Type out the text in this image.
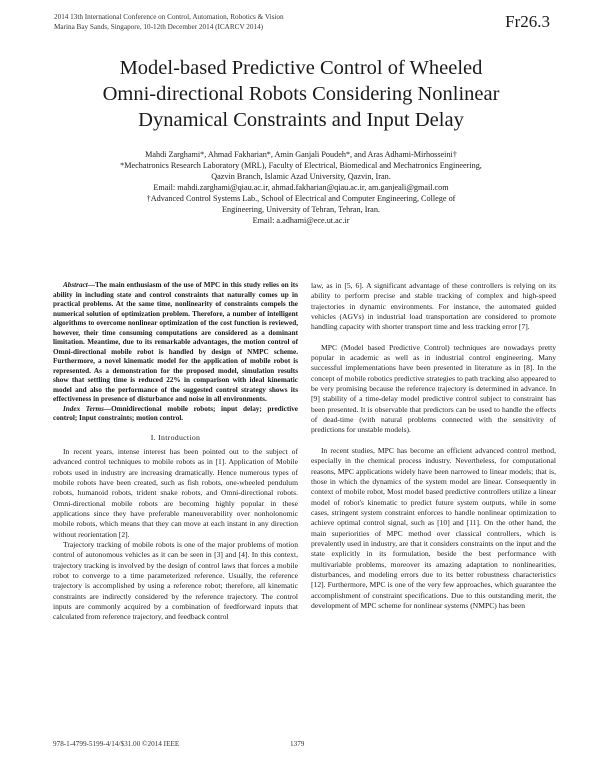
2014 13th International Conference on Control, Automation, Robotics & Vision
Marina Bay Sands, Singapore, 10-12th December 2014 (ICARCV 2014)	Fr26.3
Model-based Predictive Control of Wheeled
Omni-directional Robots Considering Nonlinear
Dynamical Constraints and Input Delay
Mahdi Zarghami*, Ahmad Fakharian*, Amin Ganjali Poudeh*, and Aras Adhami-Mirhosseini†
*Mechatronics Research Laboratory (MRL), Faculty of Electrical, Biomedical and Mechatronics Engineering,
Qazvin Branch, Islamic Azad University, Qazvin, Iran.
Email: mahdi.zarghami@qiau.ac.ir, ahmad.fakharian@qiau.ac.ir, am.ganjeali@gmail.com
†Advanced Control Systems Lab., School of Electrical and Computer Engineering, College of
Engineering, University of Tehran, Tehran, Iran.
Email: a.adhami@ece.ut.ac.ir

Abstract—The main enthusiasm of the use of MPC in this study relies on its ability in including state and control constraints that naturally comes up in practical problems. At the same time, nonlinearity of constraints compels the numerical solution of optimization problem. Therefore, a number of intelligent algorithms to overcome nonlinear optimization of the cost function is reviewed, however, their time consuming computations are considered as a dominant limitation. Meantime, due to its remarkable advantages, the motion control of Omni-directional mobile robot is handled by design of NMPC scheme. Furthermore, a novel kinematic model for the application of mobile robot is represented. As a demonstration for the proposed model, simulation results show that settling time is reduced 22% in comparison with ideal kinematic model and also the performance of the suggested control strategy shows its effectiveness in presence of disturbance and noise in all environments.

Index Terms—Omnidirectional mobile robots; input delay; predictive control; Input constraints; motion control.

I. Introduction

In recent years, intense interest has been pointed out to the subject of advanced control techniques to mobile robots as in [1]. Application of Mobile robots used in industry are increasing dramatically. Hence numerous types of mobile robots have been created, such as fish robots, one-wheeled pendulum robots, humanoid robots, trident snake robots, and Omni-directional robots. Omni-directional mobile robots are becoming highly popular in these applications since they have preferable maneuverability over nonholonomic mobile robots, which means that they can move at each instant in any direction without reorientation [2].

Trajectory tracking of mobile robots is one of the major problems of motion control of autonomous vehicles as it can be seen in [3] and [4]. In this context, trajectory tracking is involved by the design of control laws that forces a mobile robot to converge to a time parameterized reference. Usually, the reference trajectory is accomplished by using a reference robot; therefore, all kinematic constraints are indirectly considered by the reference trajectory. The control inputs are commonly acquired by a combination of feedforward inputs that calculated from reference trajectory, and feedback control

law, as in [5, 6]. A significant advantage of these controllers is relying on its ability to perform precise and stable tracking of complex and high-speed trajectories in dynamic environments. For instance, the automated guided vehicles (AGVs) in industrial load transportation are considered to promote handling capacity with shorter transport time and less tracking error [7].

MPC (Model based Predictive Control) techniques are nowadays pretty popular in academic as well as in industrial control engineering. Many successful implementations have been presented in literature as in [8]. In the concept of mobile robotics predictive strategies to path tracking also appeared to be very promising because the reference trajectory is determined in advance. In [9] stability of a time-delay model predictive control subject to constraint has been presented. It is observable that predictors can be used to handle the effects of dead-time (with natural problems connected with the sensitivity of predictions for unstable models).

In recent studies, MPC has become an efficient advanced control method, especially in the chemical process industry. Nevertheless, for computational reasons, MPC applications widely have been narrowed to linear models; that is, those in which the dynamics of the system model are linear. Consequently in context of mobile robot, Most model based predictive controllers utilize a linear model of robot's kinematic to predict future system outputs, while in some cases, stringent system constraint enforces to handle nonlinear optimization to achieve optimal control signal, such as [10] and [11]. On the other hand, the main superiorities of MPC method over classical controllers, which is prevalently used in industry, are that it considers constraints on the input and the state explicitly in its formulation, beside the best performance with multivariable problems, moreover its amazing adaptation to nonlinearities, disturbances, and modeling errors due to its better robustness characteristics [12]. Furthermore, MPC is one of the very few approaches, which guarantee the accomplishment of constraint specifications. Due to this outstanding merit, the development of MPC scheme for nonlinear systems (NMPC) has been

978-1-4799-5199-4/14/$31.00 ©2014 IEEE	1379
